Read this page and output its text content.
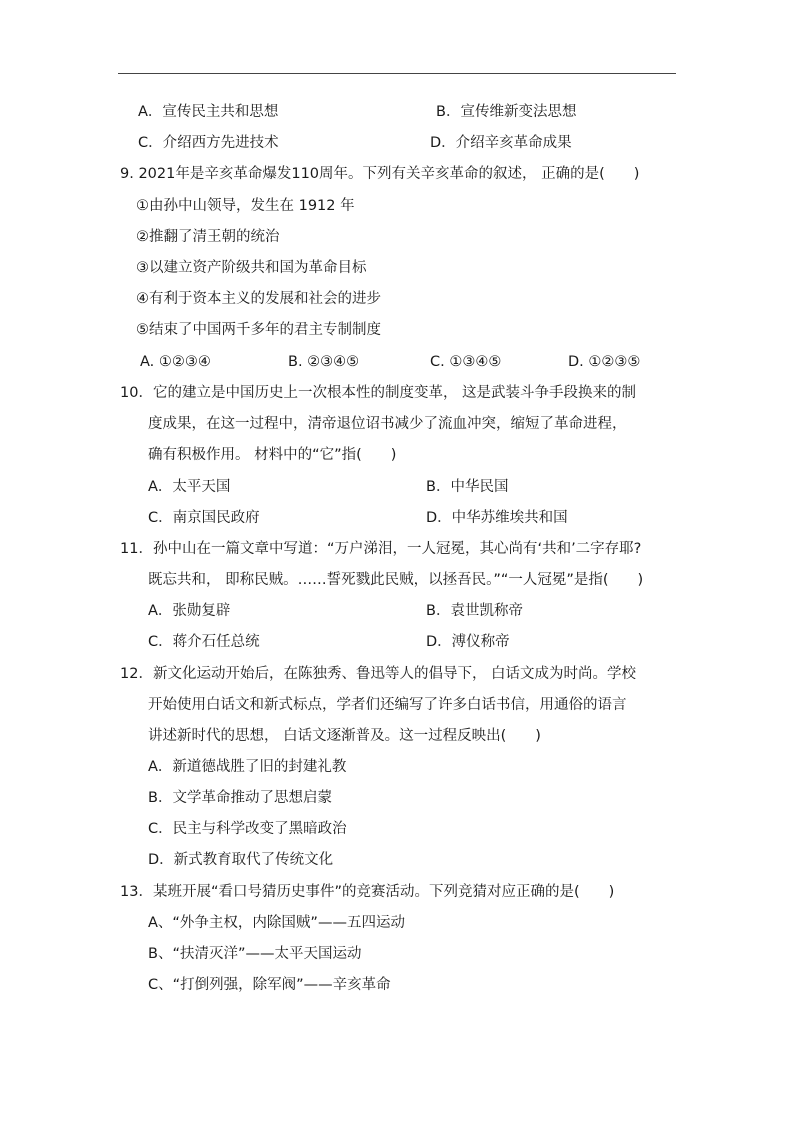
A．宣传民主共和思想	B．宣传维新变法思想
C．介绍西方先进技术	D．介绍辛亥革命成果
9. 2021年是辛亥革命爆发110周年。下列有关辛亥革命的叙述， 正确的是(　　)
①由孙中山领导，发生在 1912 年
②推翻了清王朝的统治
③以建立资产阶级共和国为革命目标
④有利于资本主义的发展和社会的进步
⑤结束了中国两千多年的君主专制制度
A. ①②③④	B. ②③④⑤	C. ①③④⑤	D. ①②③⑤
10．它的建立是中国历史上一次根本性的制度变革， 这是武装斗争手段换来的制
度成果，在这一过程中，清帝退位诏书减少了流血冲突，缩短了革命进程，
确有积极作用。 材料中的“它”指(　　)
A．太平天国	B．中华民国
C．南京国民政府	D．中华苏维埃共和国
11．孙中山在一篇文章中写道：“万户涕泪，一人冠冕，其心尚有‘共和’二字存耶?
既忘共和， 即称民贼。……誓死戮此民贼，以拯吾民。”“一人冠冕”是指(　　)
A．张勋复辟	B．袁世凯称帝
C．蒋介石任总统	D．溥仪称帝
12．新文化运动开始后，在陈独秀、鲁迅等人的倡导下， 白话文成为时尚。学校
开始使用白话文和新式标点，学者们还编写了许多白话书信，用通俗的语言
讲述新时代的思想， 白话文逐渐普及。这一过程反映出(　　)
A．新道德战胜了旧的封建礼教
B．文学革命推动了思想启蒙
C．民主与科学改变了黑暗政治
D．新式教育取代了传统文化
13．某班开展“看口号猜历史事件”的竞赛活动。下列竞猜对应正确的是(　　)
A、“外争主权，内除国贼”——五四运动
B、“扶清灭洋”——太平天国运动
C、“打倒列强，除军阀”——辛亥革命
